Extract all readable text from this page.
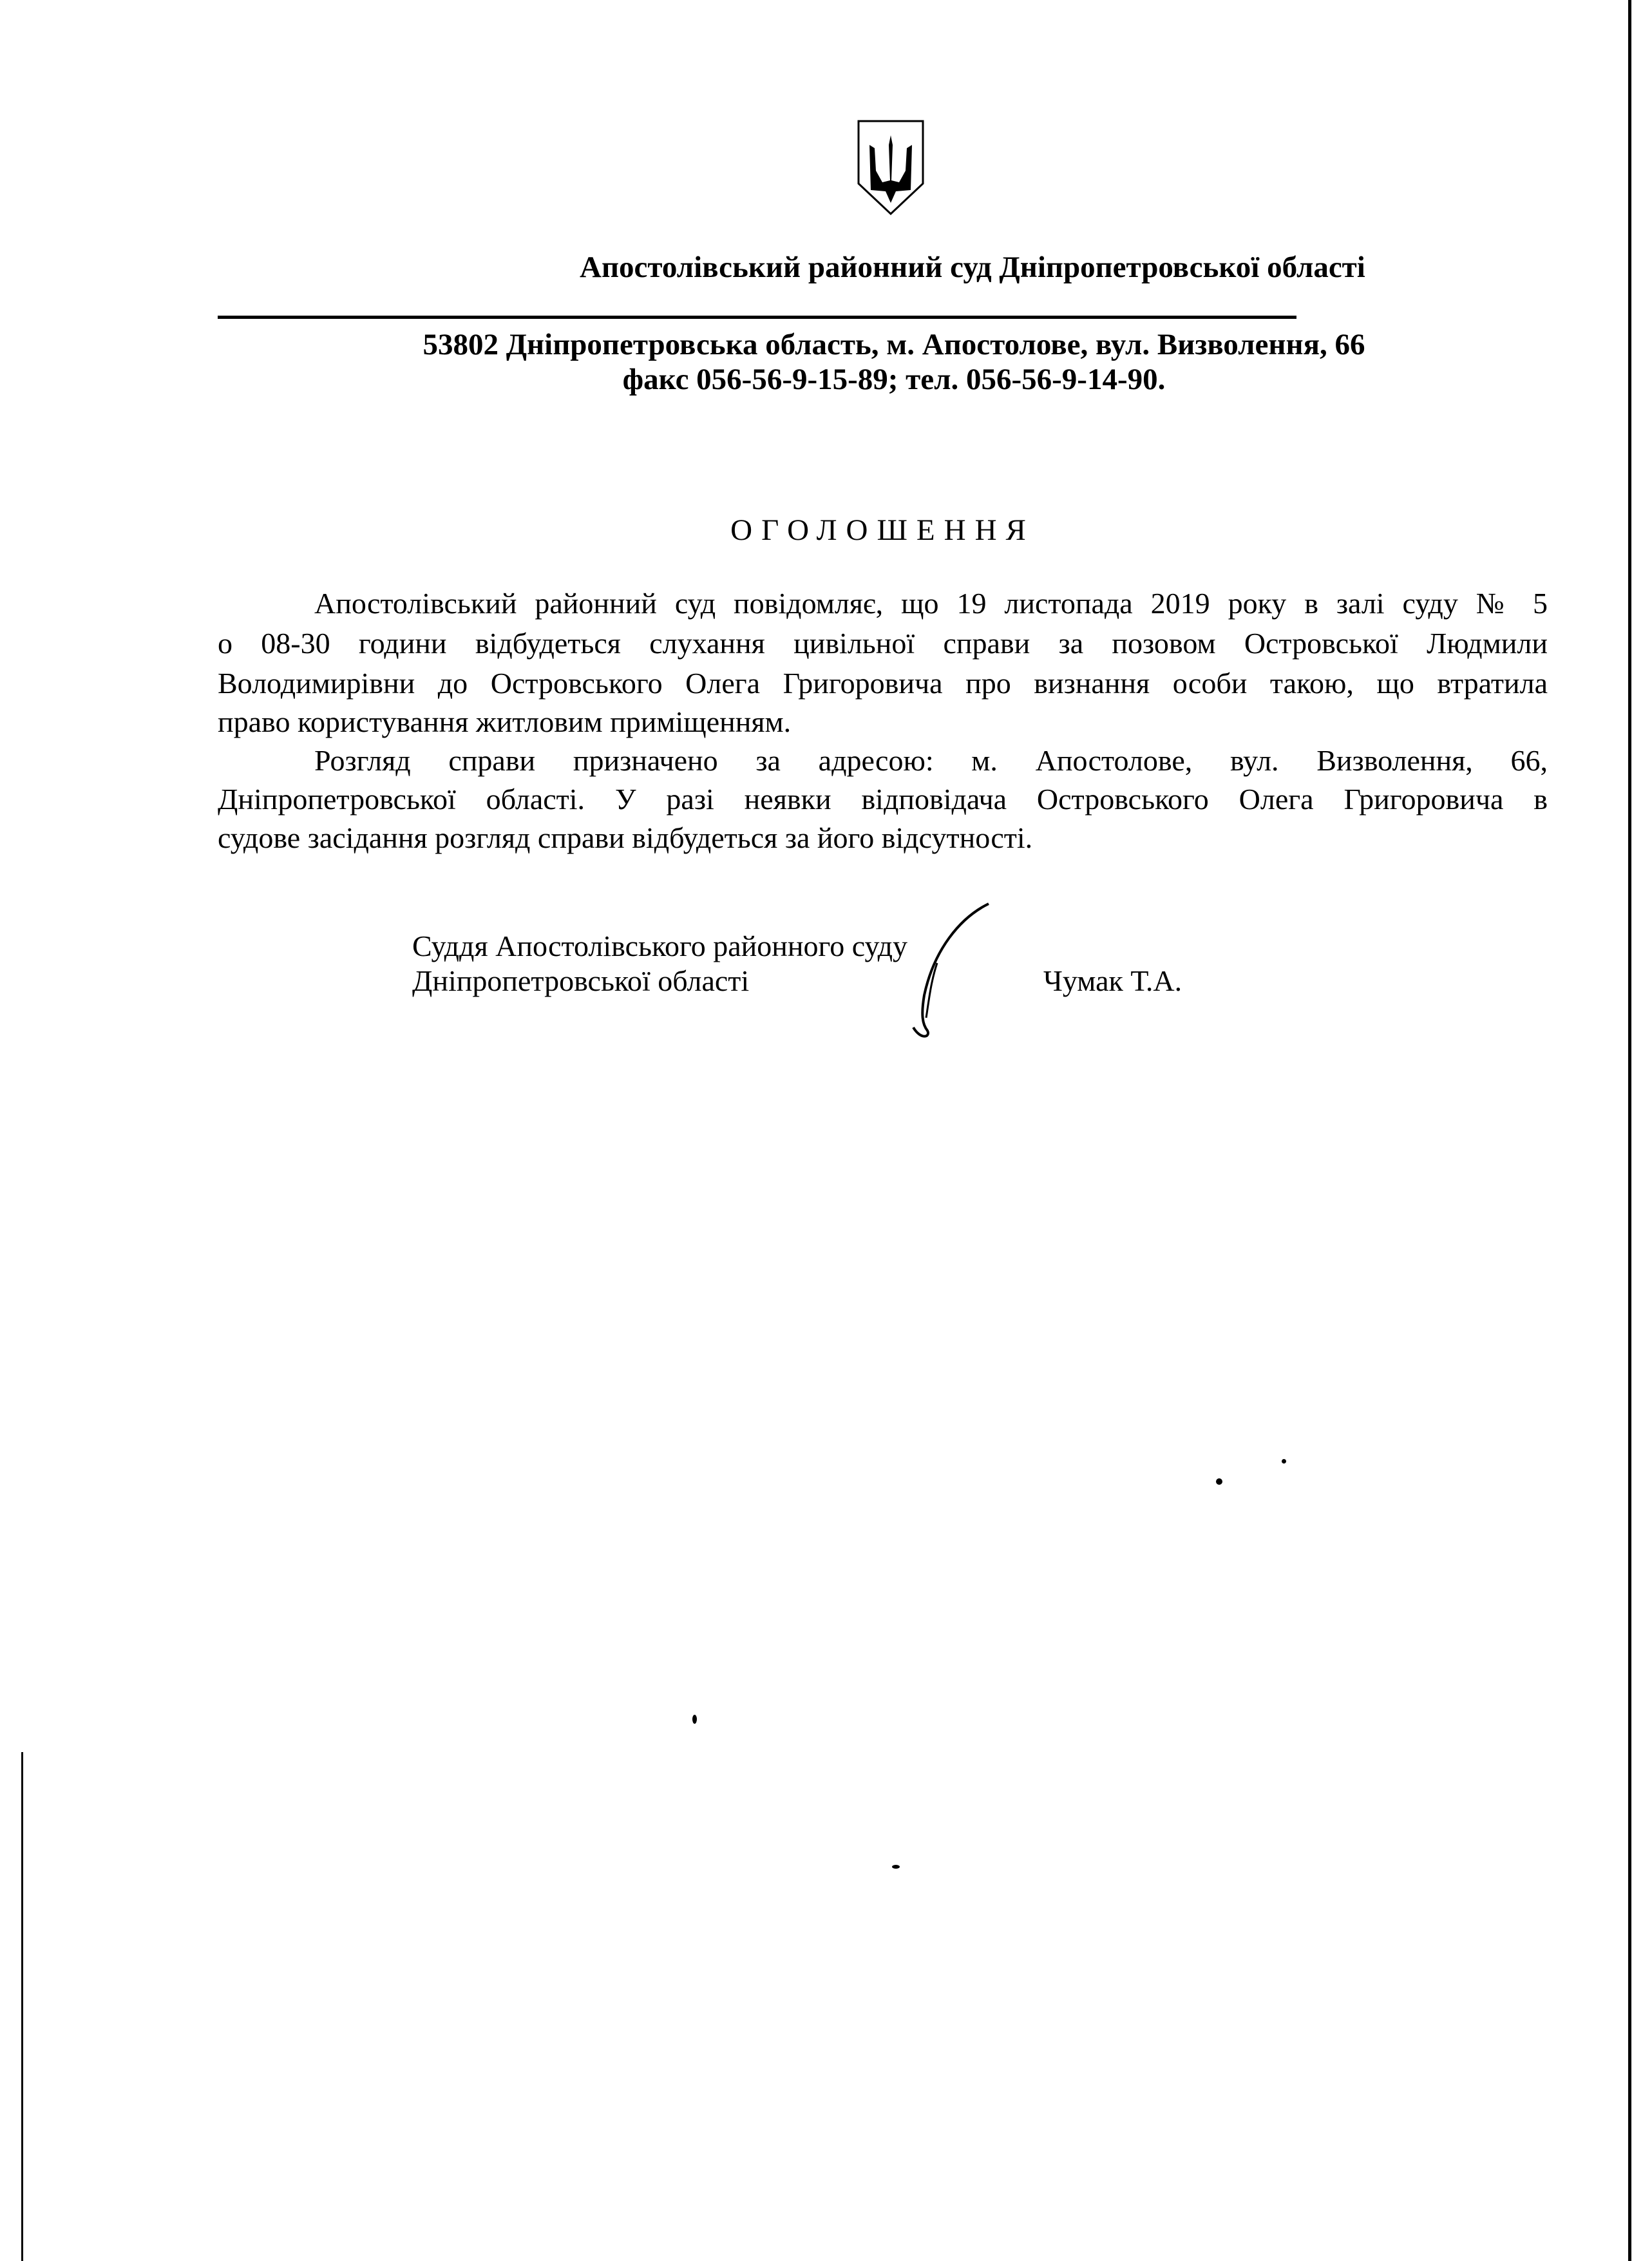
Апостолівський районний суд Дніпропетровської області
53802 Дніпропетровська область, м. Апостолове, вул. Визволення, 66
факс 056-56-9-15-89; тел. 056-56-9-14-90.
ОГОЛОШЕННЯ
Апостолівський районний суд повідомляє, що 19 листопада 2019 року в залі суду № 5
о 08-30 години відбудеться слухання цивільної справи за позовом Островської Людмили
Володимирівни до Островського Олега Григоровича про визнання особи такою, що втратила
право користування житловим приміщенням.
Розгляд справи призначено за адресою: м. Апостолове, вул. Визволення, 66,
Дніпропетровської області. У разі неявки відповідача Островського Олега Григоровича в
судове засідання розгляд справи відбудеться за його відсутності.
Суддя Апостолівського районного суду
Дніпропетровської області	Чумак Т.А.
